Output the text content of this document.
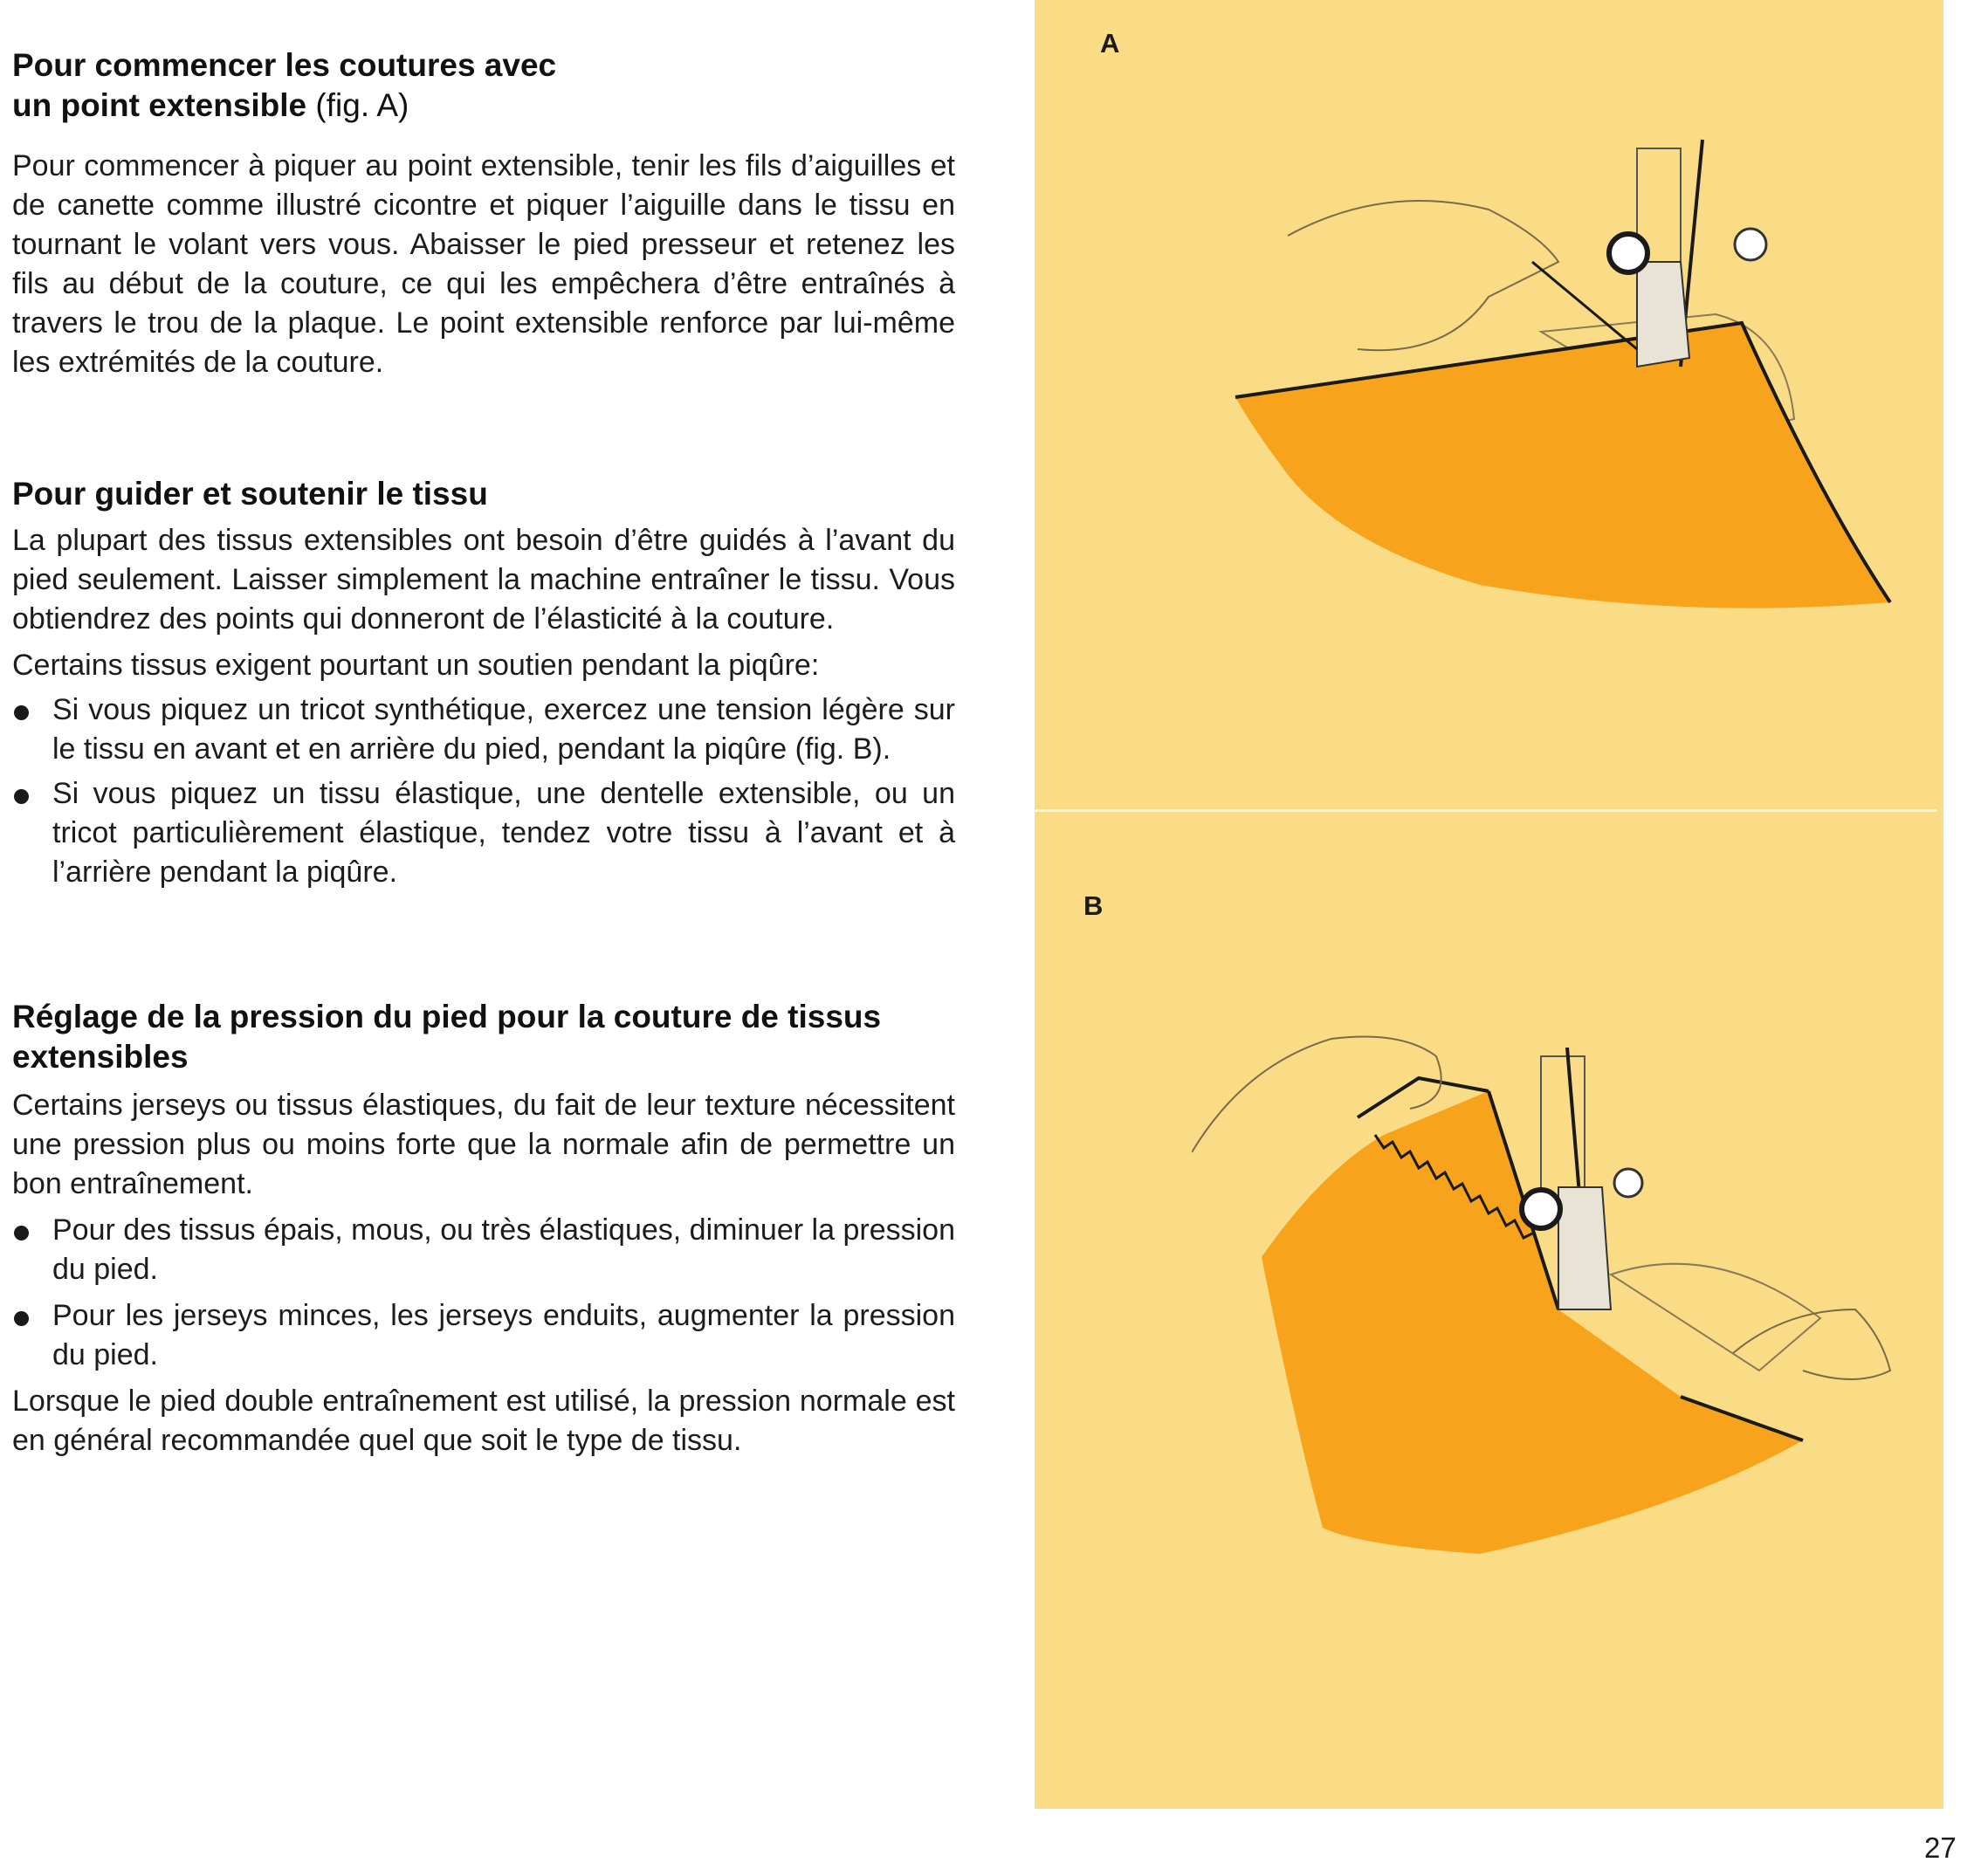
Pour commencer les coutures avec
un point extensible (fig. A)

Pour commencer à piquer au point extensible, tenir les fils d’aiguilles et de canette comme illustré cicontre et piquer l’aiguille dans le tissu en tournant le volant vers vous. Abaisser le pied presseur et retenez les fils au début de la couture, ce qui les empêchera d’être entraînés à travers le trou de la plaque. Le point extensible renforce par lui-même les extrémités de la couture.

Pour guider et soutenir le tissu

La plupart des tissus extensibles ont besoin d’être guidés à l’avant du pied seulement. Laisser simplement la machine entraîner le tissu. Vous obtiendrez des points qui donneront de l’élasticité à la couture.

Certains tissus exigent pourtant un soutien pendant la piqûre:

Si vous piquez un tricot synthétique, exercez une tension légère sur le tissu en avant et en arrière du pied, pendant la piqûre (fig. B).

Si vous piquez un tissu élastique, une dentelle extensible, ou un tricot particulièrement élastique, tendez votre tissu à l’avant et à l’arrière pendant la piqûre.

Réglage de la pression du pied pour la couture de tissus extensibles

Certains jerseys ou tissus élastiques, du fait de leur texture nécessitent une pression plus ou moins forte que la normale afin de permettre un bon entraînement.

Pour des tissus épais, mous, ou très élastiques, diminuer la pression du pied.

Pour les jerseys minces, les jerseys enduits, augmenter la pression du pied.

Lorsque le pied double entraînement est utilisé, la pression normale est en général recommandée quel que soit le type de tissu.

A
B
27
